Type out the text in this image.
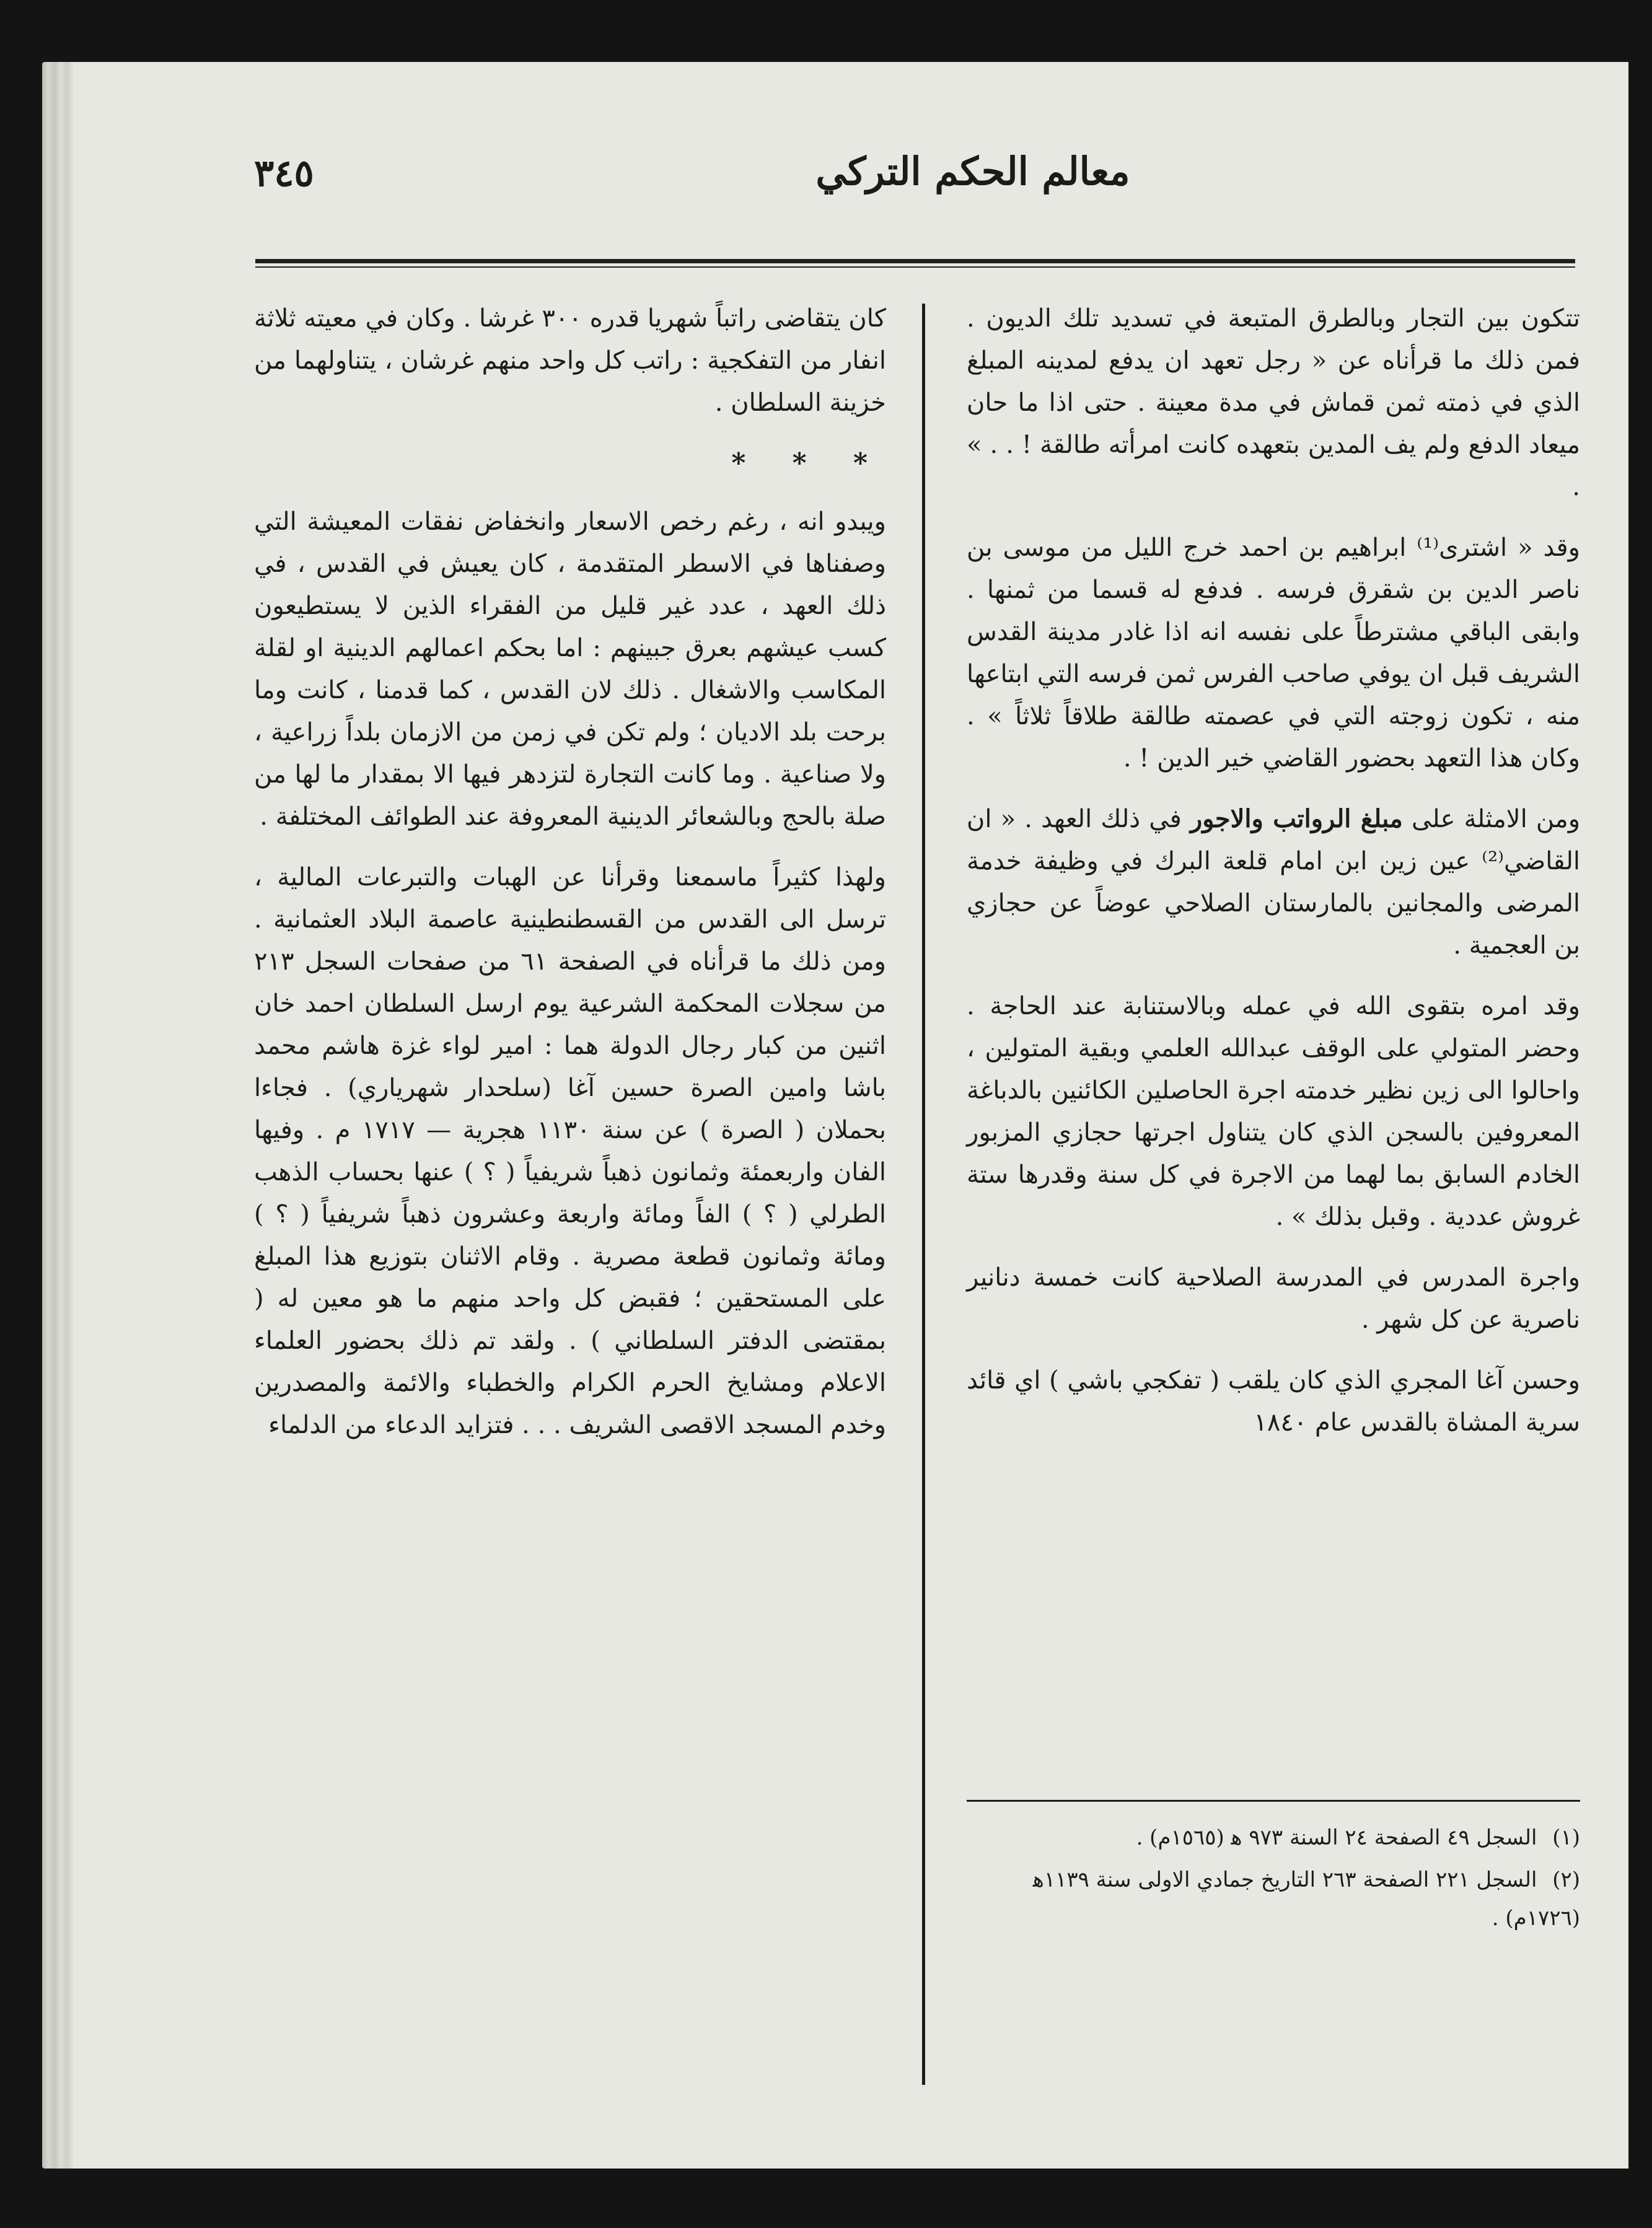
٣٤٥	معالم الحكم التركي

تتكون بين التجار وبالطرق المتبعة في تسديد تلك الديون . فمن ذلك ما قرأناه عن « رجل تعهد ان يدفع لمدينه المبلغ الذي في ذمته ثمن قماش في مدة معينة . حتى اذا ما حان ميعاد الدفع ولم يف المدين بتعهده كانت امرأته طالقة ! . . » .

وقد « اشترى⁽¹⁾ ابراهيم بن احمد خرج الليل من موسى بن ناصر الدين بن شقرق فرسه . فدفع له قسما من ثمنها . وابقى الباقي مشترطاً على نفسه انه اذا غادر مدينة القدس الشريف قبل ان يوفي صاحب الفرس ثمن فرسه التي ابتاعها منه ، تكون زوجته التي في عصمته طالقة طلاقاً ثلاثاً » . وكان هذا التعهد بحضور القاضي خير الدين ! .

ومن الامثلة على مبلغ الرواتب والاجور في ذلك العهد . « ان القاضي⁽²⁾ عين زين ابن امام قلعة البرك في وظيفة خدمة المرضى والمجانين بالمارستان الصلاحي عوضاً عن حجازي بن العجمية .

وقد امره بتقوى الله في عمله وبالاستنابة عند الحاجة . وحضر المتولي على الوقف عبدالله العلمي وبقية المتولين ، واحالوا الى زين نظير خدمته اجرة الحاصلين الكائنين بالدباغة المعروفين بالسجن الذي كان يتناول اجرتها حجازي المزبور الخادم السابق بما لهما من الاجرة في كل سنة وقدرها ستة غروش عددية . وقبل بذلك » .

واجرة المدرس في المدرسة الصلاحية كانت خمسة دنانير ناصرية عن كل شهر .

وحسن آغا المجري الذي كان يلقب ( تفكجي باشي ) اي قائد سرية المشاة بالقدس عام ١٨٤٠

كان يتقاضى راتباً شهريا قدره ٣٠٠ غرشا . وكان في معيته ثلاثة انفار من التفكجية : راتب كل واحد منهم غرشان ، يتناولهما من خزينة السلطان .

* * *

ويبدو انه ، رغم رخص الاسعار وانخفاض نفقات المعيشة التي وصفناها في الاسطر المتقدمة ، كان يعيش في القدس ، في ذلك العهد ، عدد غير قليل من الفقراء الذين لا يستطيعون كسب عيشهم بعرق جبينهم : اما بحكم اعمالهم الدينية او لقلة المكاسب والاشغال . ذلك لان القدس ، كما قدمنا ، كانت وما برحت بلد الاديان ؛ ولم تكن في زمن من الازمان بلداً زراعية ، ولا صناعية . وما كانت التجارة لتزدهر فيها الا بمقدار ما لها من صلة بالحج وبالشعائر الدينية المعروفة عند الطوائف المختلفة .

ولهذا كثيراً ماسمعنا وقرأنا عن الهبات والتبرعات المالية ، ترسل الى القدس من القسطنطينية عاصمة البلاد العثمانية . ومن ذلك ما قرأناه في الصفحة ٦١ من صفحات السجل ٢١٣ من سجلات المحكمة الشرعية يوم ارسل السلطان احمد خان اثنين من كبار رجال الدولة هما : امير لواء غزة هاشم محمد باشا وامين الصرة حسين آغا (سلحدار شهرياري) . فجاءا بحملان ( الصرة ) عن سنة ١١٣٠ هجرية — ١٧١٧ م . وفيها الفان واربعمئة وثمانون ذهباً شريفياً ( ؟ ) عنها بحساب الذهب الطرلي ( ؟ ) الفاً ومائة واربعة وعشرون ذهباً شريفياً ( ؟ ) ومائة وثمانون قطعة مصرية . وقام الاثنان بتوزيع هذا المبلغ على المستحقين ؛ فقبض كل واحد منهم ما هو معين له ( بمقتضى الدفتر السلطاني ) . ولقد تم ذلك بحضور العلماء الاعلام ومشايخ الحرم الكرام والخطباء والائمة والمصدرين وخدم المسجد الاقصى الشريف . . . فتزايد الدعاء من الدلماء

(١) السجل ٤٩ الصفحة ٢٤ السنة ٩٧٣ ﻫ (١٥٦٥م) .

(٢) السجل ٢٢١ الصفحة ٢٦٣ التاريخ جمادي الاولى سنة ١١٣٩ﻫ (١٧٢٦م) .
